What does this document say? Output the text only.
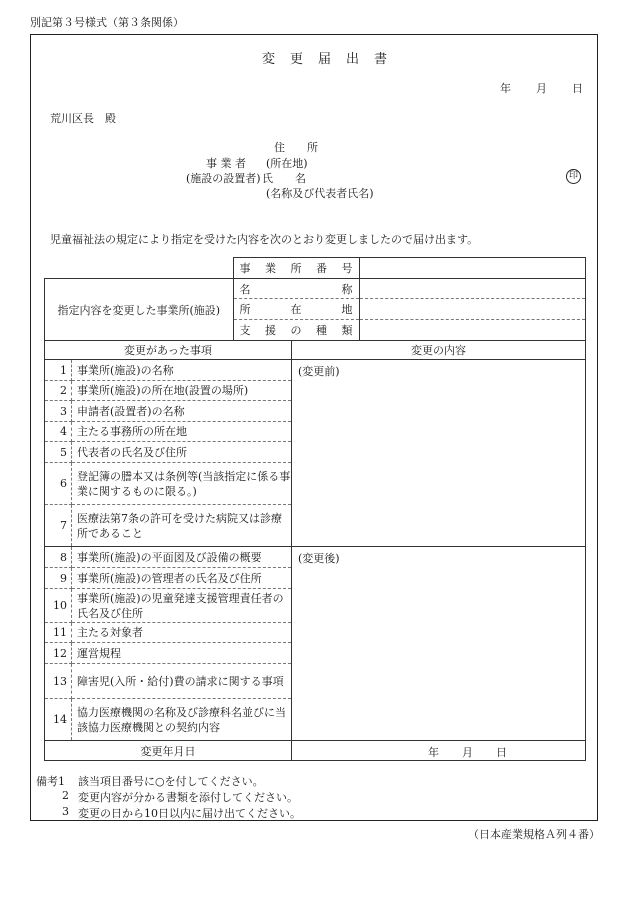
別記第３号様式（第３条関係）
変　更　届　出　書
年 月 日
荒川区長　殿
住　　所
事 業 者 (所在地)
(施設の設置者) 氏　　名
(名称及び代表者氏名)
印
児童福祉法の規定により指定を受けた内容を次のとおり変更しましたので届け出ます。

	事 業 所 番 号	

指定内容を変更した事業所(施設)	名 称	

	所 在 地	

	支 援 の 種 類	

変更があった事項		変更の内容
1	事業所(施設)の名称	(変更前)
2	事業所(施設)の所在地(設置の場所)	
3	申請者(設置者)の名称	
4	主たる事務所の所在地	
5	代表者の氏名及び住所	
6	登記簿の謄本又は条例等(当該指定に係る事業に関するものに限る。)	
7	医療法第7条の許可を受けた病院又は診療所であること	
8	事業所(施設)の平面図及び設備の概要	(変更後)
9	事業所(施設)の管理者の氏名及び住所	
10	事業所(施設)の児童発達支援管理責任者の氏名及び住所	
11	主たる対象者	
12	運営規程	
13	障害児(入所・給付)費の請求に関する事項	
14	協力医療機関の名称及び診療科名並びに当該協力医療機関との契約内容	
変更年月日		年 月 日
備考1 該当項目番号に○を付してください。
2 変更内容が分かる書類を添付してください。
3 変更の日から10日以内に届け出てください。
（日本産業規格Ａ列４番）
